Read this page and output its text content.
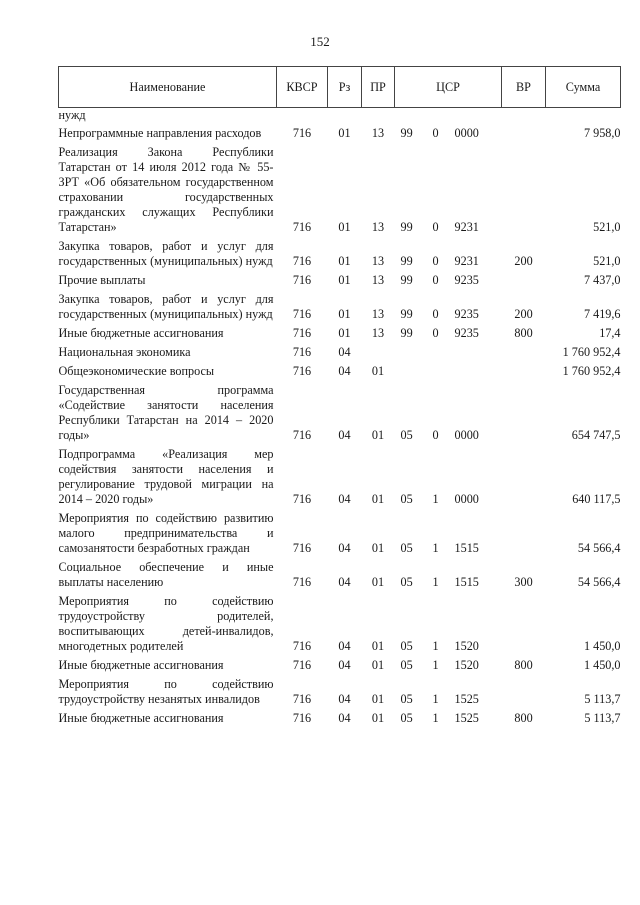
152
Наименование	КВСР	Рз	ПР	ЦСР			ВР	Сумма
нужд								
Непрограммные направления расходов	716	01	13	99	0	0000		7 958,0
Реализация Закона Республики Татарстан от 14 июля 2012 года № 55-ЗРТ «Об обязательном государственном страховании государственных гражданских служащих Республики Татарстан»	716	01	13	99	0	9231		521,0
Закупка товаров, работ и услуг для государственных (муниципальных) нужд	716	01	13	99	0	9231	200	521,0
Прочие выплаты	716	01	13	99	0	9235		7 437,0
Закупка товаров, работ и услуг для государственных (муниципальных) нужд	716	01	13	99	0	9235	200	7 419,6
Иные бюджетные ассигнования	716	01	13	99	0	9235	800	17,4
Национальная экономика	716	04						1 760 952,4
Общеэкономические вопросы	716	04	01					1 760 952,4
Государственная программа «Содействие занятости населения Республики Татарстан на 2014 – 2020 годы»	716	04	01	05	0	0000		654 747,5
Подпрограмма «Реализация мер содействия занятости населения и регулирование трудовой миграции на 2014 – 2020 годы»	716	04	01	05	1	0000		640 117,5
Мероприятия по содействию развитию малого предпринимательства и самозанятости безработных граждан	716	04	01	05	1	1515		54 566,4
Социальное обеспечение и иные выплаты населению	716	04	01	05	1	1515	300	54 566,4
Мероприятия по содействию трудоустройству родителей, воспитывающих детей-инвалидов, многодетных родителей	716	04	01	05	1	1520		1 450,0
Иные бюджетные ассигнования	716	04	01	05	1	1520	800	1 450,0
Мероприятия по содействию трудоустройству незанятых инвалидов	716	04	01	05	1	1525		5 113,7
Иные бюджетные ассигнования	716	04	01	05	1	1525	800	5 113,7
